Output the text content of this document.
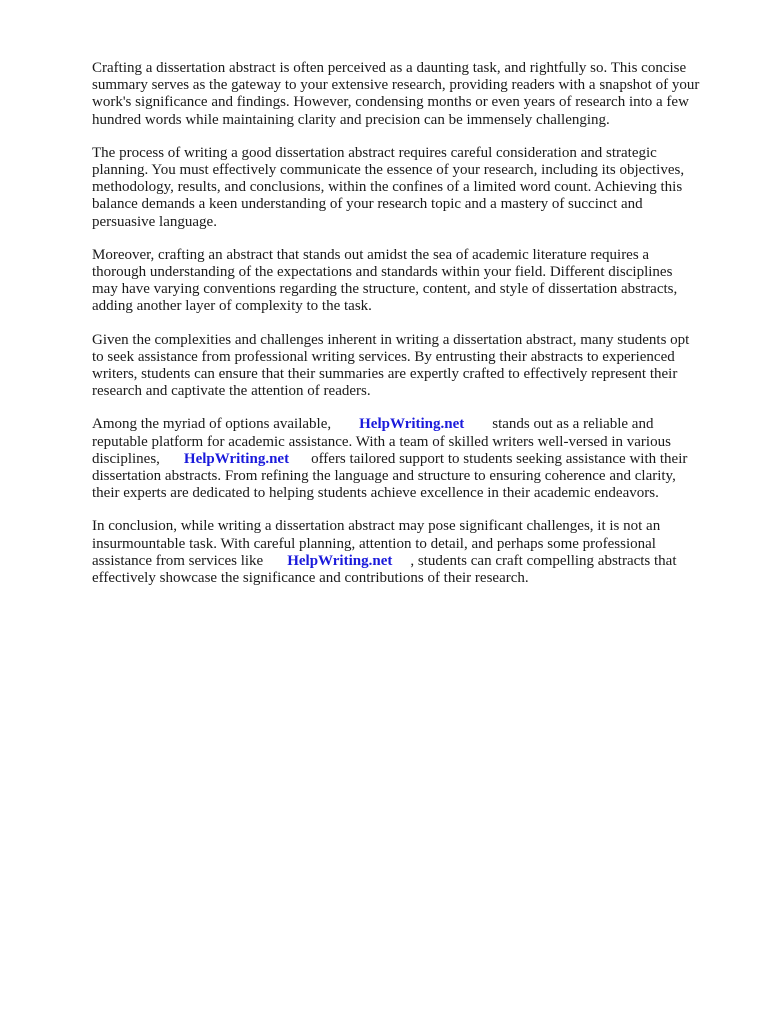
Crafting a dissertation abstract is often perceived as a daunting task, and rightfully so. This concise
summary serves as the gateway to your extensive research, providing readers with a snapshot of your
work's significance and findings. However, condensing months or even years of research into a few
hundred words while maintaining clarity and precision can be immensely challenging.

The process of writing a good dissertation abstract requires careful consideration and strategic
planning. You must effectively communicate the essence of your research, including its objectives,
methodology, results, and conclusions, within the confines of a limited word count. Achieving this
balance demands a keen understanding of your research topic and a mastery of succinct and
persuasive language.

Moreover, crafting an abstract that stands out amidst the sea of academic literature requires a
thorough understanding of the expectations and standards within your field. Different disciplines
may have varying conventions regarding the structure, content, and style of dissertation abstracts,
adding another layer of complexity to the task.

Given the complexities and challenges inherent in writing a dissertation abstract, many students opt
to seek assistance from professional writing services. By entrusting their abstracts to experienced
writers, students can ensure that their summaries are expertly crafted to effectively represent their
research and captivate the attention of readers.

Among the myriad of options available, HelpWriting.net stands out as a reliable and
reputable platform for academic assistance. With a team of skilled writers well-versed in various
disciplines, HelpWriting.net offers tailored support to students seeking assistance with their
dissertation abstracts. From refining the language and structure to ensuring coherence and clarity,
their experts are dedicated to helping students achieve excellence in their academic endeavors.

In conclusion, while writing a dissertation abstract may pose significant challenges, it is not an
insurmountable task. With careful planning, attention to detail, and perhaps some professional
assistance from services like HelpWriting.net , students can craft compelling abstracts that
effectively showcase the significance and contributions of their research.
